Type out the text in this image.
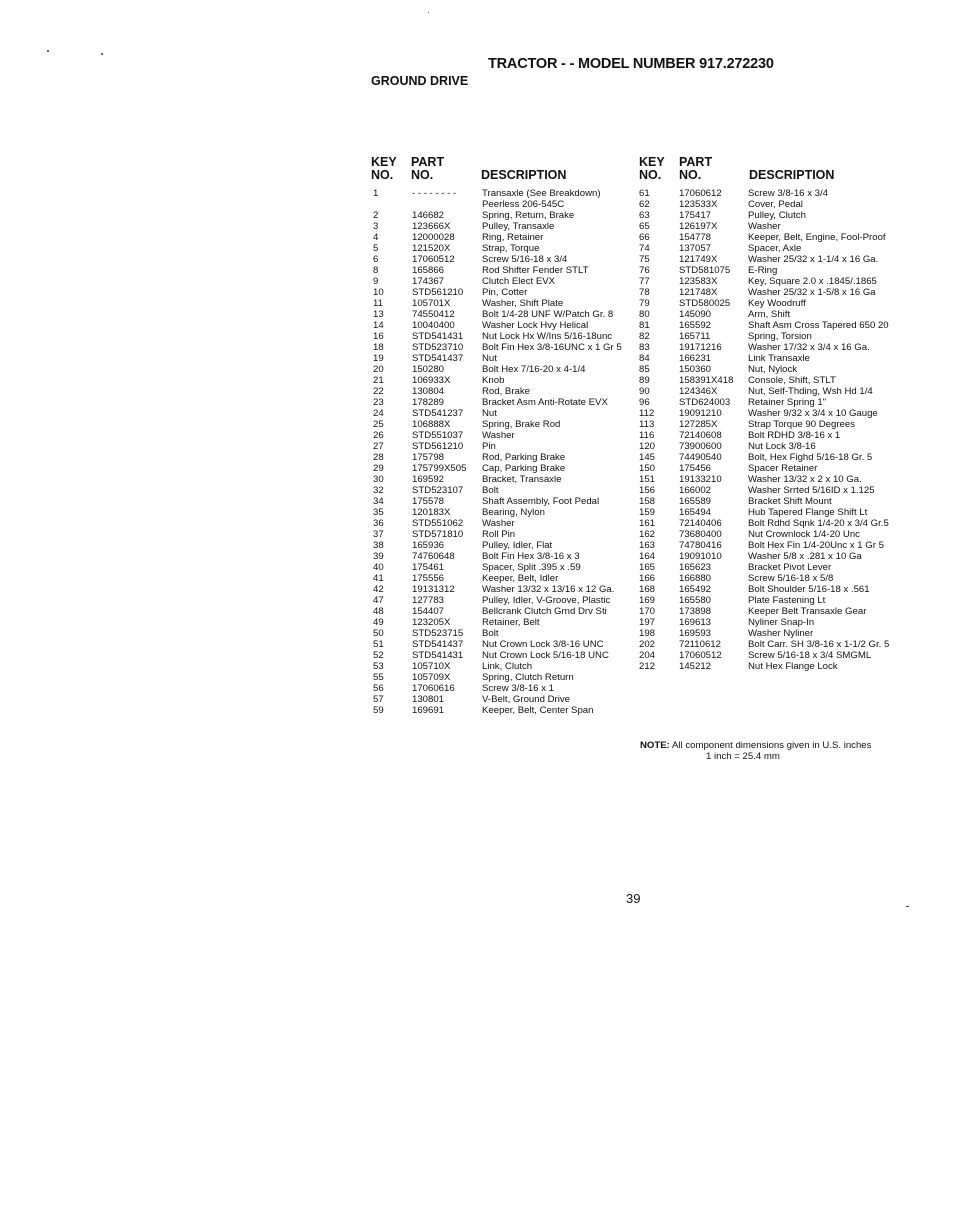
TRACTOR - - MODEL NUMBER 917.272230
GROUND DRIVE
KEY
NO.
PART
NO.	DESCRIPTION
1	- - - - - - - -	Transaxle (See Breakdown) Peerless 206-545C
2	146682	Spring, Return, Brake
3	123666X	Pulley, Transaxle
4	12000028	Ring, Retainer
5	121520X	Strap, Torque
6	17060512	Screw 5/16-18 x 3/4
8	165866	Rod Shifter Fender STLT
9	174367	Clutch Elect EVX
10	STD561210	Pin, Cotter
11	105701X	Washer, Shift Plate
13	74550412	Bolt 1/4-28 UNF W/Patch Gr. 8
14	10040400	Washer Lock Hvy Helical
16	STD541431	Nut Lock Hx W/Ins 5/16-18unc
18	STD523710	Bolt Fin Hex 3/8-16UNC x 1 Gr 5
19	STD541437	Nut
20	150280	Bolt Hex 7/16-20 x 4-1/4
21	106933X	Knob
22	130804	Rod, Brake
23	178289	Bracket Asm Anti-Rotate EVX
24	STD541237	Nut
25	106888X	Spring, Brake Rod
26	STD551037	Washer
27	STD561210	Pin
28	175798	Rod, Parking Brake
29	175799X505	Cap, Parking Brake
30	169592	Bracket, Transaxle
32	STD523107	Bolt
34	175578	Shaft Assembly, Foot Pedal
35	120183X	Bearing, Nylon
36	STD551062	Washer
37	STD571810	Roll Pin
38	165936	Pulley, Idler, Flat
39	74760648	Bolt Fin Hex 3/8-16 x 3
40	175461	Spacer, Split .395 x .59
41	175556	Keeper, Belt, Idler
42	19131312	Washer 13/32 x 13/16 x 12 Ga.
47	127783	Pulley, Idler, V-Groove, Plastic
48	154407	Bellcrank Clutch Grnd Drv Sti
49	123205X	Retainer, Belt
50	STD523715	Bolt
51	STD541437	Nut Crown Lock 3/8-16 UNC
52	STD541431	Nut Crown Lock 5/16-18 UNC
53	105710X	Link, Clutch
55	105709X	Spring, Clutch Return
56	17060616	Screw 3/8-16 x 1
57	130801	V-Belt, Ground Drive
59	169691	Keeper, Belt, Center Span
KEY
NO.
PART
NO.	DESCRIPTION
61	17060612	Screw 3/8-16 x 3/4
62	123533X	Cover, Pedal
63	175417	Pulley, Clutch
65	126197X	Washer
66	154778	Keeper, Belt, Engine, Fool-Proof
74	137057	Spacer, Axle
75	121749X	Washer 25/32 x 1-1/4 x 16 Ga.
76	STD581075	E-Ring
77	123583X	Key, Square 2.0 x .1845/.1865
78	121748X	Washer 25/32 x 1-5/8 x 16 Ga
79	STD580025	Key Woodruff
80	145090	Arm, Shift
81	165592	Shaft Asm Cross Tapered 650 20
82	165711	Spring, Torsion
83	19171216	Washer 17/32 x 3/4 x 16 Ga.
84	166231	Link Transaxle
85	150360	Nut, Nylock
89	158391X418	Console, Shift, STLT
90	124346X	Nut, Self-Thding, Wsh Hd 1/4
96	STD624003	Retainer Spring 1"
112	19091210	Washer 9/32 x 3/4 x 10 Gauge
113	127285X	Strap Torque 90 Degrees
116	72140608	Bolt RDHD 3/8-16 x 1
120	73900600	Nut Lock 3/8-16
145	74490540	Bolt, Hex Fighd 5/16-18 Gr. 5
150	175456	Spacer Retainer
151	19133210	Washer 13/32 x 2 x 10 Ga.
156	166002	Washer Srrted 5/16ID x 1.125
158	165589	Bracket Shift Mount
159	165494	Hub Tapered Flange Shift Lt
161	72140406	Bolt Rdhd Sqnk 1/4-20 x 3/4 Gr.5
162	73680400	Nut Crownlock 1/4-20 Unc
163	74780416	Bolt Hex Fin 1/4-20Unc x 1 Gr 5
164	19091010	Washer 5/8 x .281 x 10 Ga
165	165623	Bracket Pivot Lever
166	166880	Screw 5/16-18 x 5/8
168	165492	Bolt Shoulder 5/16-18 x .561
169	165580	Plate Fastening Lt
170	173898	Keeper Belt Transaxle Gear
197	169613	Nyliner Snap-In
198	169593	Washer Nyliner
202	72110612	Bolt Carr. SH 3/8-16 x 1-1/2 Gr. 5
204	17060512	Screw 5/16-18 x 3/4 SMGML
212	145212	Nut Hex Flange Lock
NOTE: All component dimensions given in U.S. inches
1 inch = 25.4 mm
39
